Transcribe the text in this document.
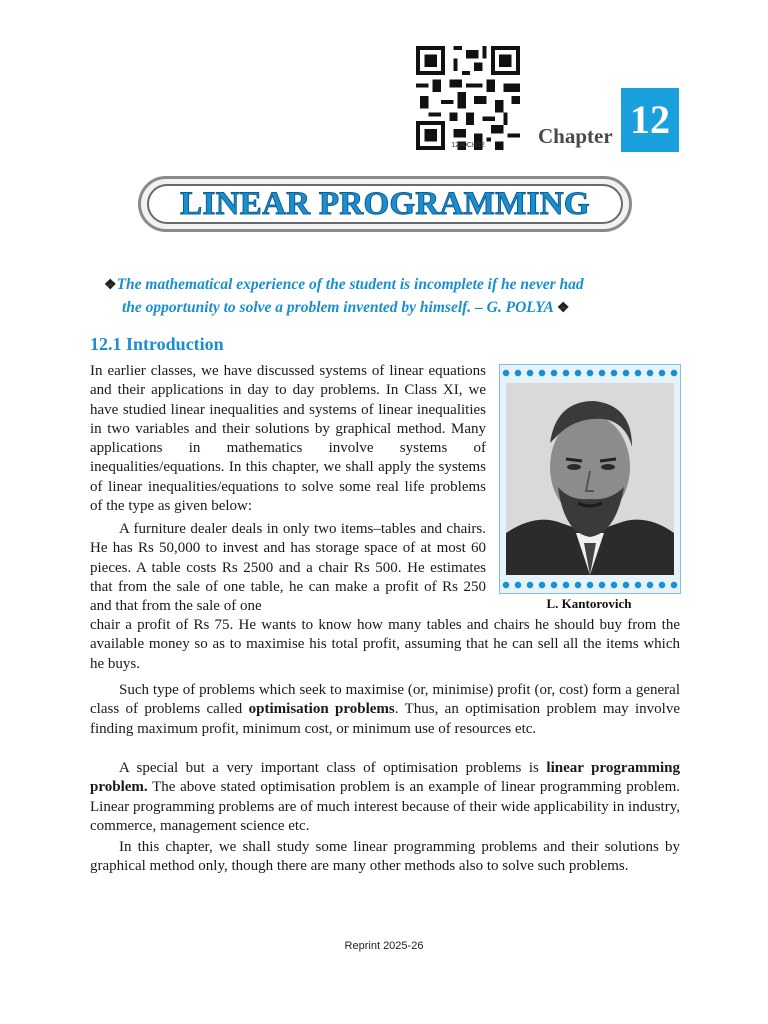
1280CH12	Chapter 12
LINEAR PROGRAMMING
❖The mathematical experience of the student is incomplete if he never had
the opportunity to solve a problem invented by himself. – G. POLYA ❖
12.1 Introduction
In earlier classes, we have discussed systems of linear equations and their applications in day to day problems. In Class XI, we have studied linear inequalities and systems of linear inequalities in two variables and their solutions by graphical method. Many applications in mathematics involve systems of inequalities/equations. In this chapter, we shall apply the systems of linear inequalities/equations to solve some real life problems of the type as given below:
A furniture dealer deals in only two items–tables and chairs. He has Rs 50,000 to invest and has storage space of at most 60 pieces. A table costs Rs 2500 and a chair Rs 500. He estimates that from the sale of one table, he can make a profit of Rs 250 and that from the sale of one
chair a profit of Rs 75. He wants to know how many tables and chairs he should buy from the available money so as to maximise his total profit, assuming that he can sell all the items which he buys.
Such type of problems which seek to maximise (or, minimise) profit (or, cost) form a general class of problems called optimisation problems. Thus, an optimisation problem may involve finding maximum profit, minimum cost, or minimum use of resources etc.
A special but a very important class of optimisation problems is linear programming problem. The above stated optimisation problem is an example of linear programming problem. Linear programming problems are of much interest because of their wide applicability in industry, commerce, management science etc.
In this chapter, we shall study some linear programming problems and their solutions by graphical method only, though there are many other methods also to solve such problems.
L. Kantorovich
Reprint 2025-26
